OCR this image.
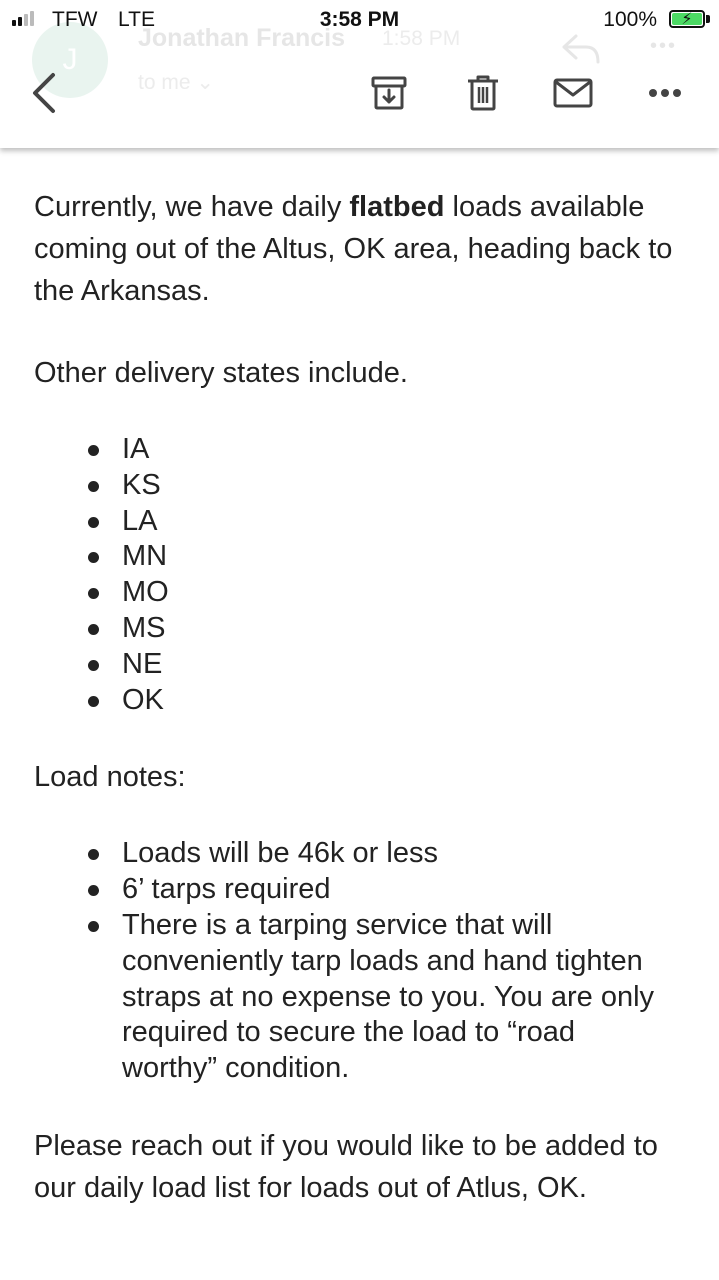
J
Jonathan Francis 1:58 PM
to me ⌄
•••
TFW LTE	3:58 PM	100%	⚡

Currently, we have daily flatbed loads available coming out of the Altus, OK area, heading back to the Arkansas.

Other delivery states include.

IA
KS
LA
MN
MO
MS
NE
OK

Load notes:

Loads will be 46k or less
6’ tarps required
There is a tarping service that will conveniently tarp loads and hand tighten straps at no expense to you. You are only required to secure the load to “road worthy” condition.

Please reach out if you would like to be added to our daily load list for loads out of Atlus, OK.
